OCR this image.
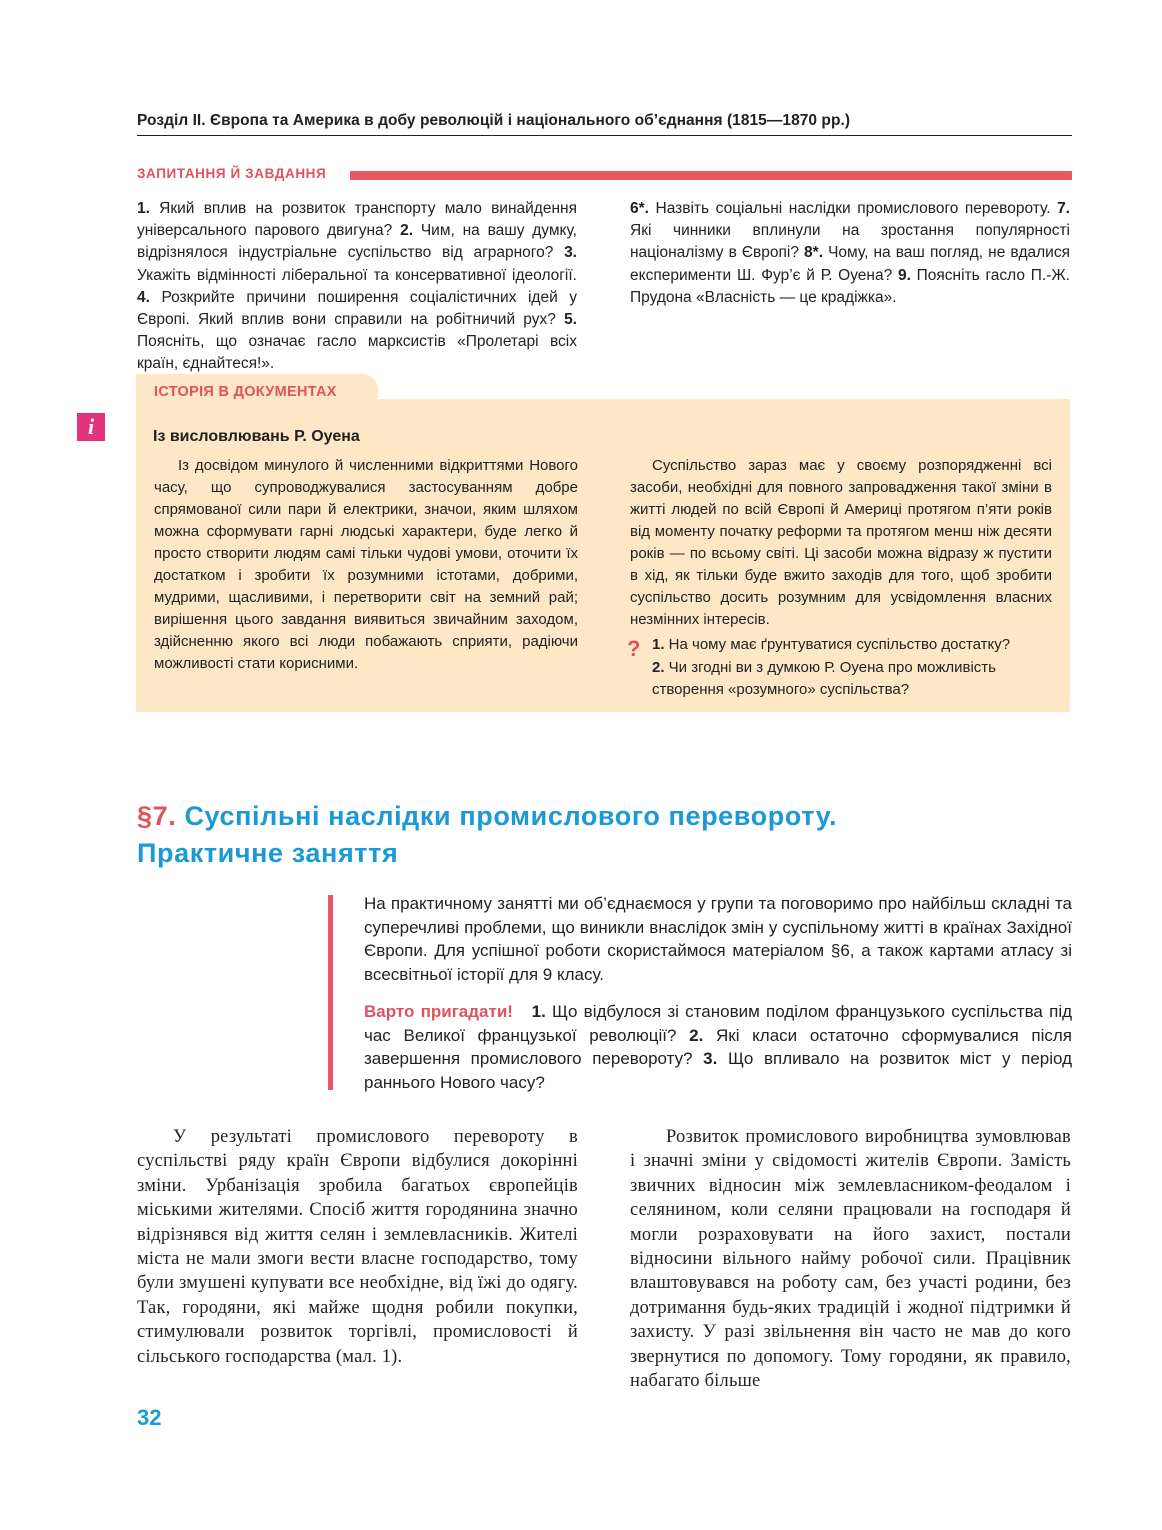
Розділ ІІ. Європа та Америка в добу революцій і національного об’єднання (1815—1870 рр.)
ЗАПИТАННЯ Й ЗАВДАННЯ
1. Який вплив на розвиток транспорту мало винайдення універсального парового двигуна? 2. Чим, на вашу думку, відрізнялося індустріальне суспільство від аграрного? 3. Укажіть відмінності ліберальної та консервативної ідеології. 4. Розкрийте причини поширення соціалістичних ідей у Європі. Який вплив вони справили на робітничий рух? 5. Поясніть, що означає гасло марксистів «Пролетарі всіх країн, єднайтеся!».
6*. Назвіть соціальні наслідки промислового перевороту. 7. Які чинники вплинули на зростання популярності націоналізму в Європі? 8*. Чому, на ваш погляд, не вдалися експерименти Ш. Фур’є й Р. Оуена? 9. Поясніть гасло П.-Ж. Прудона «Власність — це крадіжка».
i
ІСТОРІЯ В ДОКУМЕНТАХ
Із висловлювань Р. Оуена
Із досвідом минулого й численними відкриттями Нового часу, що супроводжувалися застосуванням добре спрямованої сили пари й електрики, значои, яким шляхом можна сформувати гарні людські характери, буде легко й просто створити людям самі тільки чудові умови, оточити їх достатком і зробити їх розумними істотами, добрими, мудрими, щасливими, і перетворити світ на земний рай; вирішення цього завдання виявиться звичайним заходом, здійсненню якого всі люди побажають сприяти, радіючи можливості стати корисними.
Суспільство зараз має у своєму розпорядженні всі засоби, необхідні для повного запровадження такої зміни в житті людей по всій Європі й Америці протягом п’яти років від моменту початку реформи та протягом менш ніж десяти років — по всьому світі. Ці засоби можна відразу ж пустити в хід, як тільки буде вжито заходів для того, щоб зробити суспільство досить розумним для усвідомлення власних незмінних інтересів.
? 1. На чому має ґрунтуватися суспільство достатку?
2. Чи згодні ви з думкою Р. Оуена про можливість створення «розумного» суспільства?
§7. Суспільні наслідки промислового перевороту.
Практичне заняття
На практичному занятті ми об’єднаємося у групи та поговоримо про найбільш складні та суперечливі проблеми, що виникли внаслідок змін у суспільному житті в країнах Західної Європи. Для успішної роботи скористаймося матеріалом §6, а також картами атласу зі всесвітньої історії для 9 класу.
Варто пригадати! 1. Що відбулося зі становим поділом французького суспільства під час Великої французької революції? 2. Які класи остаточно сформувалися після завершення промислового перевороту? 3. Що впливало на розвиток міст у період раннього Нового часу?
У результаті промислового перевороту в суспільстві ряду країн Європи відбулися докорінні зміни. Урбанізація зробила багатьох європейців міськими жителями. Спосіб життя городянина значно відрізнявся від життя селян і землевласників. Жителі міста не мали змоги вести власне господарство, тому були змушені купувати все необхідне, від їжі до одягу. Так, городяни, які майже щодня робили покупки, стимулювали розвиток торгівлі, промисловості й сільського господарства (мал. 1).
Розвиток промислового виробництва зумовлював і значні зміни у свідомості жителів Європи. Замість звичних відносин між землевласником-феодалом і селянином, коли селяни працювали на господаря й могли розраховувати на його захист, постали відносини вільного найму робочої сили. Працівник влаштовувався на роботу сам, без участі родини, без дотримання будь-яких традицій і жодної підтримки й захисту. У разі звільнення він часто не мав до кого звернутися по допомогу. Тому городяни, як правило, набагато більше
32
